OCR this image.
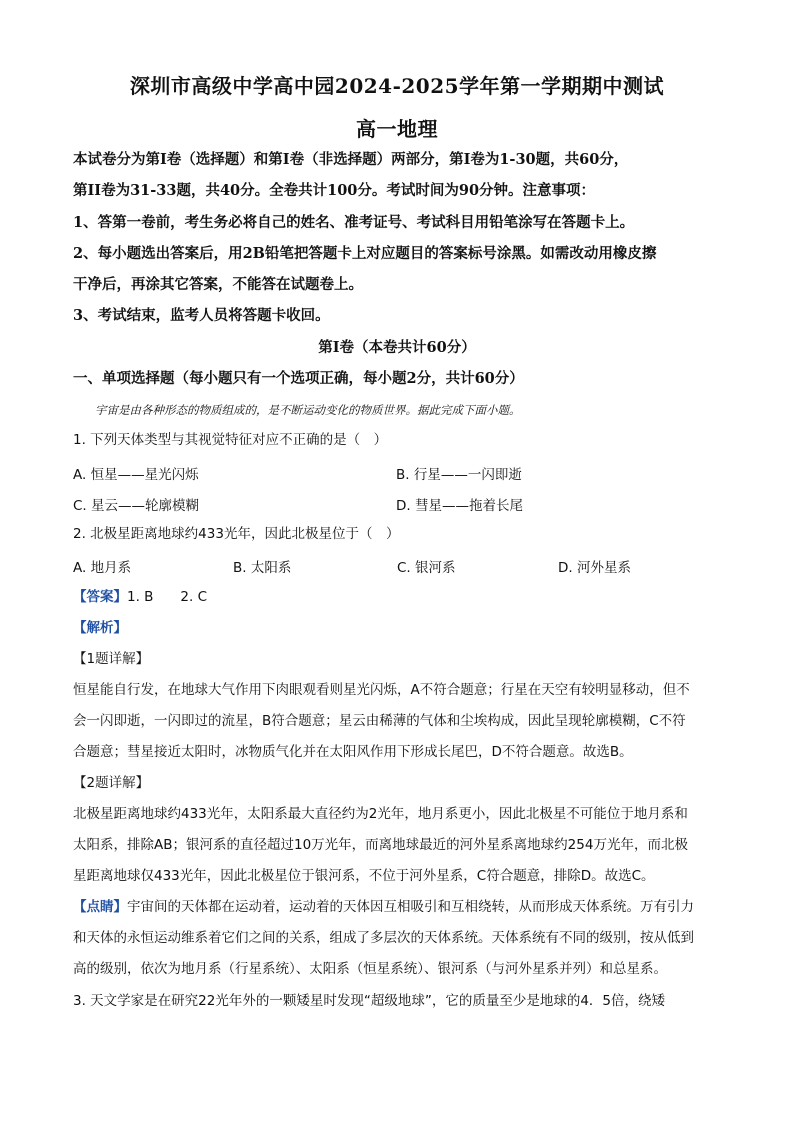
深圳市高级中学高中园2024-2025学年第一学期期中测试
高一地理
本试卷分为第I卷（选择题）和第I卷（非选择题）两部分，第I卷为1-30题，共60分，
第II卷为31-33题，共40分。全卷共计100分。考试时间为90分钟。注意事项：
1、答第一卷前，考生务必将自己的姓名、准考证号、考试科目用铅笔涂写在答题卡上。
2、每小题选出答案后，用2B铅笔把答题卡上对应题目的答案标号涂黑。如需改动用橡皮擦
干净后，再涂其它答案，不能答在试题卷上。
3、考试结束，监考人员将答题卡收回。
第I卷（本卷共计60分）
一、单项选择题（每小题只有一个选项正确，每小题2分，共计60分）
宇宙是由各种形态的物质组成的，是不断运动变化的物质世界。据此完成下面小题。
1. 下列天体类型与其视觉特征对应不正确的是（　）
A. 恒星——星光闪烁	B. 行星——一闪即逝
C. 星云——轮廓模糊	D. 彗星——拖着长尾
2. 北极星距离地球约433光年，因此北极星位于（　）
A. 地月系	B. 太阳系	C. 银河系	D. 河外星系
【答案】1. B　　2. C
【解析】
【1题详解】
恒星能自行发，在地球大气作用下肉眼观看则星光闪烁，A不符合题意；行星在天空有较明显移动，但不
会一闪即逝，一闪即过的流星，B符合题意；星云由稀薄的气体和尘埃构成，因此呈现轮廓模糊，C不符
合题意；彗星接近太阳时，冰物质气化并在太阳风作用下形成长尾巴，D不符合题意。故选B。
【2题详解】
北极星距离地球约433光年，太阳系最大直径约为2光年，地月系更小，因此北极星不可能位于地月系和
太阳系，排除AB；银河系的直径超过10万光年，而离地球最近的河外星系离地球约254万光年，而北极
星距离地球仅433光年，因此北极星位于银河系，不位于河外星系，C符合题意，排除D。故选C。
【点睛】宇宙间的天体都在运动着，运动着的天体因互相吸引和互相绕转，从而形成天体系统。万有引力
和天体的永恒运动维系着它们之间的关系，组成了多层次的天体系统。天体系统有不同的级别，按从低到
高的级别，依次为地月系（行星系统）、太阳系（恒星系统）、银河系（与河外星系并列）和总星系。
3. 天文学家是在研究22光年外的一颗矮星时发现“超级地球”，它的质量至少是地球的4．5倍，绕矮
